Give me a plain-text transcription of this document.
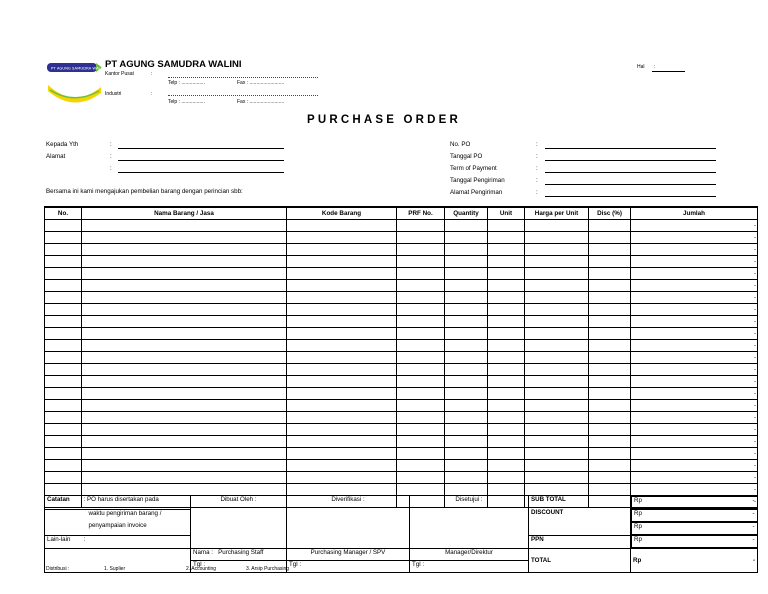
PT AGUNG SAMUDRA WALINI PT AGUNG SAMUDRA WALINI
Kantor Pusat	:
Telp : .................	Fax : .........................
Industri	:
Telp : .................	Fax : .........................
Hal :
PURCHASE ORDER
Kepada Yth	:
Alamat	:
:
Bersama ini kami mengajukan pembelian barang dengan perincian sbb:
No. PO	:
Tanggal PO	:
Term of Payment	:
Tanggal Pengiriman	:
Alamat Pengiriman	:
No.	Nama Barang / Jasa	Kode Barang	PRF No.	Quantity	Unit	Harga per Unit	Disc (%)	Jumlah
								-
								-
								-
								-
								-
								-
								-
								-
								-
								-
								-
								-
								-
								-
								-
								-
								-
								-
								-
								-
								-
								-
								-
								-

Catatan	: PO harus disertakan pada	Dibuat Oleh :	Diverifikasi :	Disetujui :	SUB TOTAL		Rp	-

	waktu pengiriman barang /				DISCOUNT		Rp	-

	penyampaian invoice			Rp	-

Lain-lain	:				PPN		Rp	-

		Nama : Purchasing Staff	Purchasing Manager / SPV	Manager/Direktur	TOTAL	Rp -

		Tgl :	Tgl :	Tgl :		
Distribusi :	1. Suplier	2. Accounting	3. Arsip Purchasing
